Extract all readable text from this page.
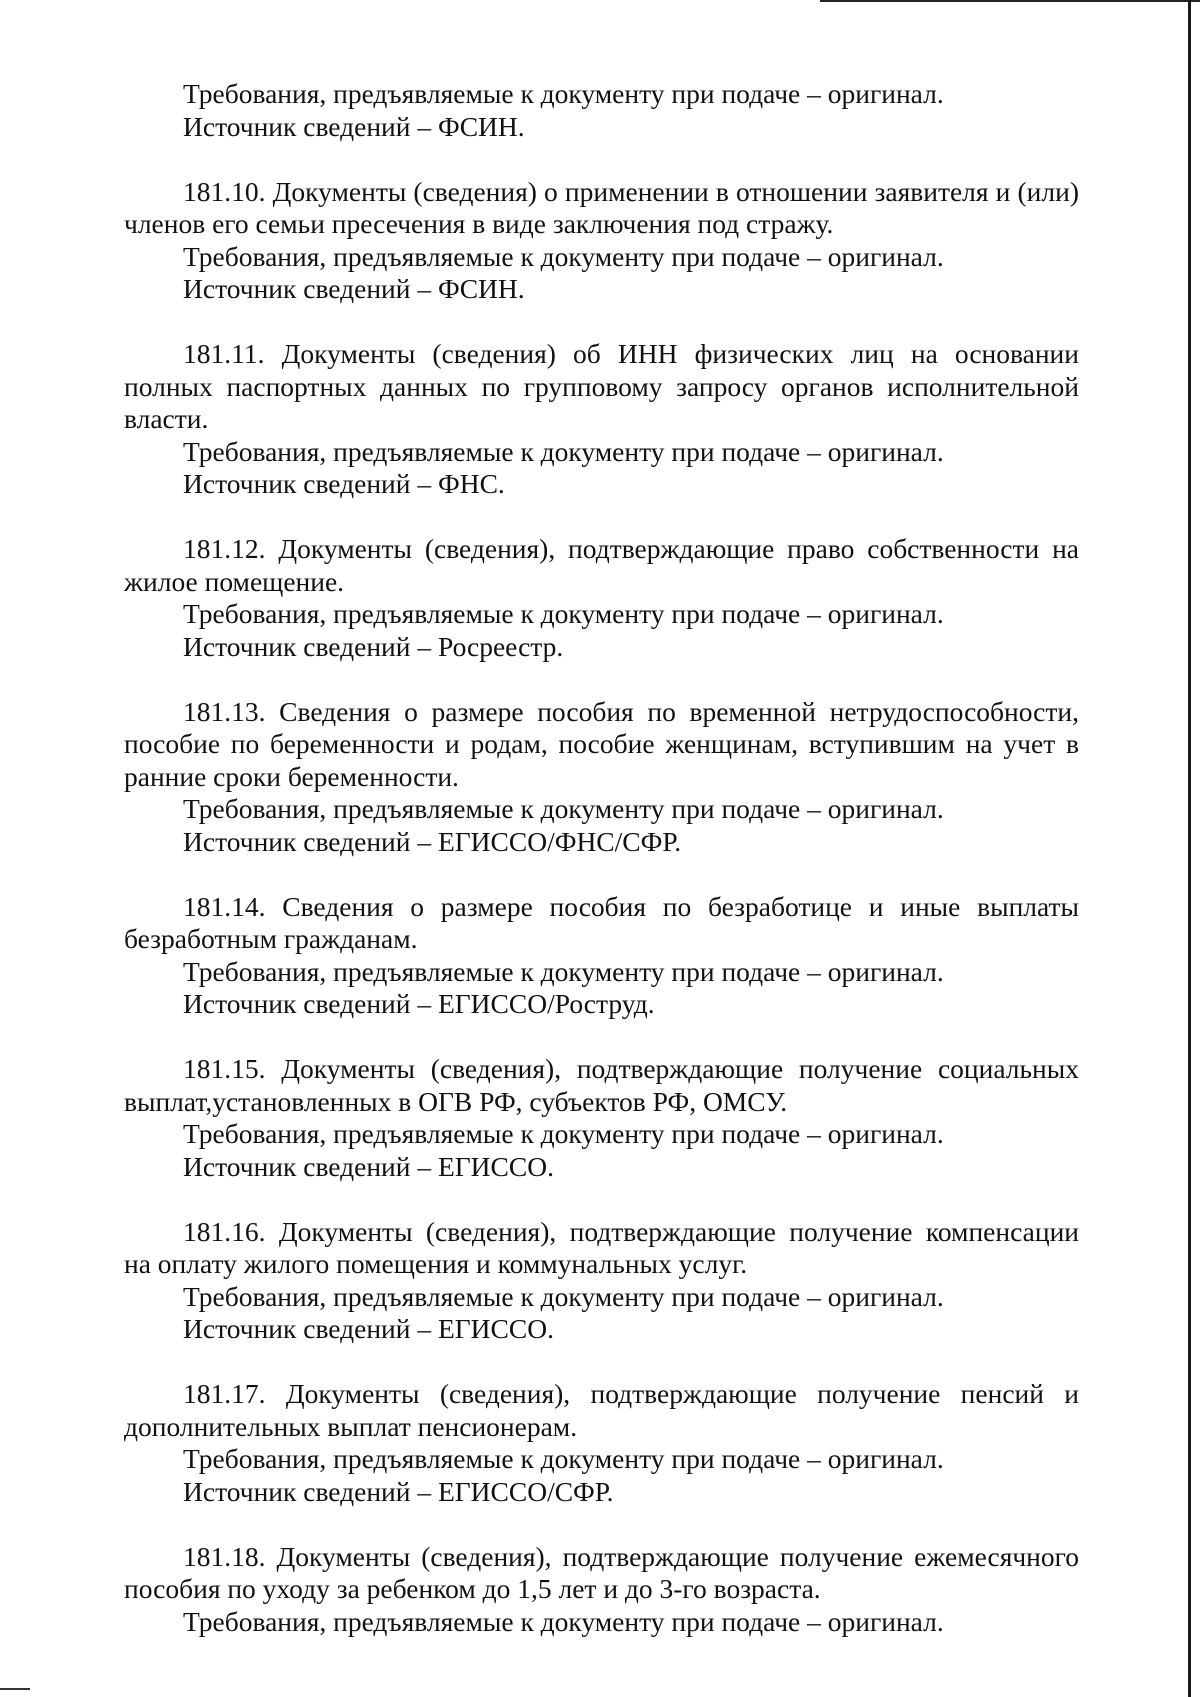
Требования, предъявляемые к документу при подаче – оригинал.
Источник сведений – ФСИН.
181.10. Документы (сведения) о применении в отношении заявителя и (или) членов его семьи пресечения в виде заключения под стражу.
Требования, предъявляемые к документу при подаче – оригинал.
Источник сведений – ФСИН.
181.11. Документы (сведения) об ИНН физических лиц на основании полных паспортных данных по групповому запросу органов исполнительной власти.
Требования, предъявляемые к документу при подаче – оригинал.
Источник сведений – ФНС.
181.12. Документы (сведения), подтверждающие право собственности на жилое помещение.
Требования, предъявляемые к документу при подаче – оригинал.
Источник сведений – Росреестр.
181.13. Сведения о размере пособия по временной нетрудоспособности, пособие по беременности и родам, пособие женщинам, вступившим на учет в ранние сроки беременности.
Требования, предъявляемые к документу при подаче – оригинал.
Источник сведений – ЕГИССО/ФНС/СФР.
181.14. Сведения о размере пособия по безработице и иные выплаты безработным гражданам.
Требования, предъявляемые к документу при подаче – оригинал.
Источник сведений – ЕГИССО/Роструд.
181.15. Документы (сведения), подтверждающие получение социальных выплат,установленных в ОГВ РФ, субъектов РФ, ОМСУ.
Требования, предъявляемые к документу при подаче – оригинал.
Источник сведений – ЕГИССО.
181.16. Документы (сведения), подтверждающие получение компенсации на оплату жилого помещения и коммунальных услуг.
Требования, предъявляемые к документу при подаче – оригинал.
Источник сведений – ЕГИССО.
181.17. Документы (сведения), подтверждающие получение пенсий и дополнительных выплат пенсионерам.
Требования, предъявляемые к документу при подаче – оригинал.
Источник сведений – ЕГИССО/СФР.
181.18. Документы (сведения), подтверждающие получение ежемесячного пособия по уходу за ребенком до 1,5 лет и до 3-го возраста.
Требования, предъявляемые к документу при подаче – оригинал.
